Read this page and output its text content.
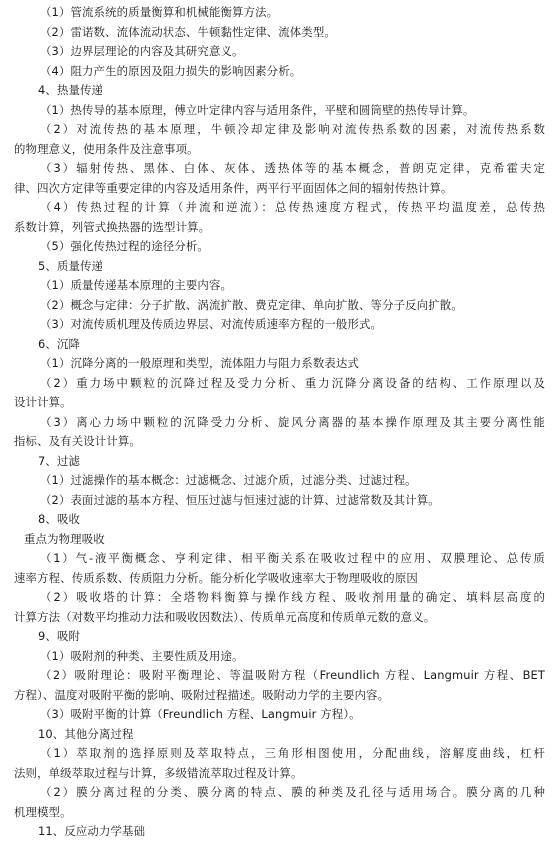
（1）管流系统的质量衡算和机械能衡算方法。
（2）雷诺数、流体流动状态、牛顿黏性定律、流体类型。
（3）边界层理论的内容及其研究意义。
（4）阻力产生的原因及阻力损失的影响因素分析。
4、热量传递
（1）热传导的基本原理，傅立叶定律内容与适用条件，平壁和圆筒壁的热传导计算。
（2）对流传热的基本原理，牛顿冷却定律及影响对流传热系数的因素，对流传热系数
的物理意义，使用条件及注意事项。
（3）辐射传热、黑体、白体、灰体、透热体等的基本概念，普朗克定律，克希霍夫定
律、四次方定律等重要定律的内容及适用条件，两平行平面固体之间的辐射传热计算。
（4）传热过程的计算（并流和逆流）：总传热速度方程式，传热平均温度差，总传热
系数计算，列管式换热器的选型计算。
（5）强化传热过程的途径分析。
5、质量传递
（1）质量传递基本原理的主要内容。
（2）概念与定律：分子扩散、涡流扩散、费克定律、单向扩散、等分子反向扩散。
（3）对流传质机理及传质边界层、对流传质速率方程的一般形式。
6、沉降
（1）沉降分离的一般原理和类型，流体阻力与阻力系数表达式
（2）重力场中颗粒的沉降过程及受力分析、重力沉降分离设备的结构、工作原理以及
设计计算。
（3）离心力场中颗粒的沉降受力分析、旋风分离器的基本操作原理及其主要分离性能
指标、及有关设计计算。
7、过滤
（1）过滤操作的基本概念：过滤概念、过滤介质，过滤分类、过滤过程。
（2）表面过滤的基本方程、恒压过滤与恒速过滤的计算、过滤常数及其计算。
8、吸收
重点为物理吸收
（1）气-液平衡概念、亨利定律、相平衡关系在吸收过程中的应用、双膜理论、总传质
速率方程、传质系数、传质阻力分析。能分析化学吸收速率大于物理吸收的原因
（2）吸收塔的计算：全塔物料衡算与操作线方程、吸收剂用量的确定、填料层高度的
计算方法（对数平均推动力法和吸收因数法）、传质单元高度和传质单元数的意义。
9、吸附
（1）吸附剂的种类、主要性质及用途。
（2）吸附理论：吸附平衡理论、等温吸附方程（Freundlich 方程、Langmuir 方程、BET
方程）、温度对吸附平衡的影响、吸附过程描述。吸附动力学的主要内容。
（3）吸附平衡的计算（Freundlich 方程、Langmuir 方程）。
10、其他分离过程
（1）萃取剂的选择原则及萃取特点，三角形相图使用，分配曲线，溶解度曲线，杠杆
法则，单级萃取过程与计算，多级错流萃取过程及计算。
（2）膜分离过程的分类、膜分离的特点、膜的种类及孔径与适用场合。膜分离的几种
机理模型。
11、反应动力学基础
